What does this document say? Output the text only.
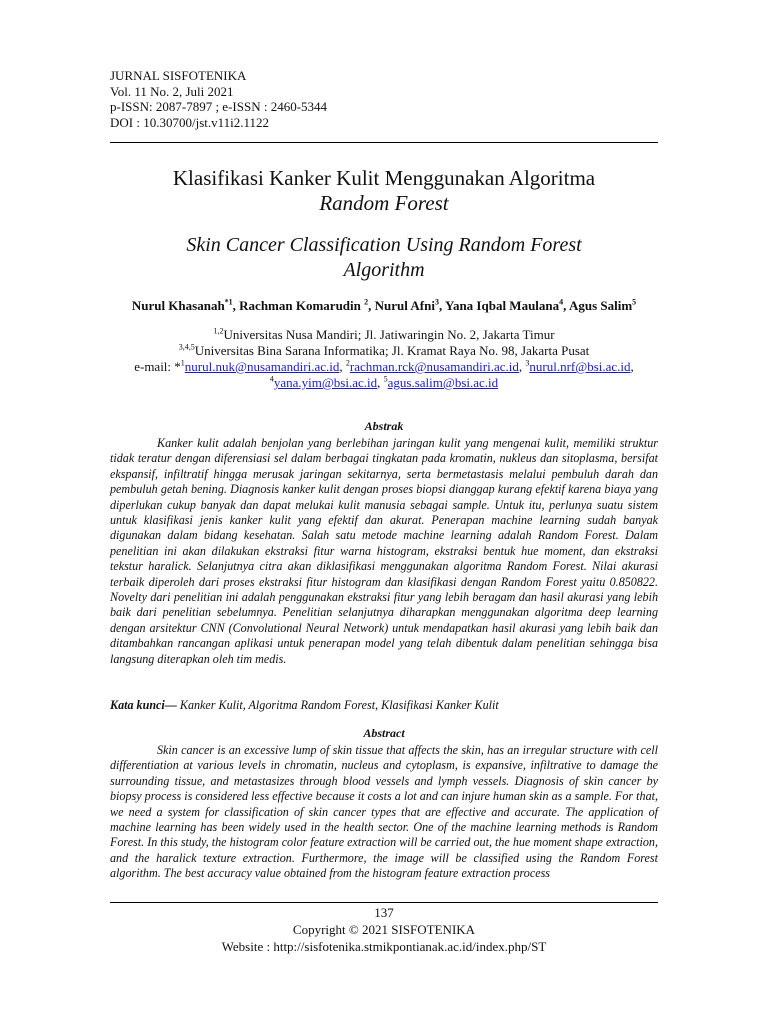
JURNAL SISFOTENIKA
Vol. 11 No. 2, Juli 2021
p-ISSN: 2087-7897 ; e-ISSN : 2460-5344
DOI : 10.30700/jst.v11i2.1122
Klasifikasi Kanker Kulit Menggunakan Algoritma
Random Forest
Skin Cancer Classification Using Random Forest
Algorithm
Nurul Khasanah$^{*1}$, Rachman Komarudin $^2$, Nurul Afni$^3$, Yana Iqbal Maulana$^4$, Agus Salim$^5$
$^{1,2}$Universitas Nusa Mandiri; Jl. Jatiwaringin No. 2, Jakarta Timur
$^{3,4,5}$Universitas Bina Sarana Informatika; Jl. Kramat Raya No. 98, Jakarta Pusat
e-mail: *$^1$nurul.nuk@nusamandiri.ac.id, $^2$rachman.rck@nusamandiri.ac.id, $^3$nurul.nrf@bsi.ac.id,
$^4$yana.yim@bsi.ac.id, $^5$agus.salim@bsi.ac.id
Abstrak
Kanker kulit adalah benjolan yang berlebihan jaringan kulit yang mengenai kulit, memiliki struktur tidak teratur dengan diferensiasi sel dalam berbagai tingkatan pada kromatin, nukleus dan sitoplasma, bersifat ekspansif, infiltratif hingga merusak jaringan sekitarnya, serta bermetastasis melalui pembuluh darah dan pembuluh getah bening. Diagnosis kanker kulit dengan proses biopsi dianggap kurang efektif karena biaya yang diperlukan cukup banyak dan dapat melukai kulit manusia sebagai sample. Untuk itu, perlunya suatu sistem untuk klasifikasi jenis kanker kulit yang efektif dan akurat. Penerapan machine learning sudah banyak digunakan dalam bidang kesehatan. Salah satu metode machine learning adalah Random Forest. Dalam penelitian ini akan dilakukan ekstraksi fitur warna histogram, ekstraksi bentuk hue moment, dan ekstraksi tekstur haralick. Selanjutnya citra akan diklasifikasi menggunakan algoritma Random Forest. Nilai akurasi terbaik diperoleh dari proses ekstraksi fitur histogram dan klasifikasi dengan Random Forest yaitu 0.850822. Novelty dari penelitian ini adalah penggunakan ekstraksi fitur yang lebih beragam dan hasil akurasi yang lebih baik dari penelitian sebelumnya. Penelitian selanjutnya diharapkan menggunakan algoritma deep learning dengan arsitektur CNN (Convolutional Neural Network) untuk mendapatkan hasil akurasi yang lebih baik dan ditambahkan rancangan aplikasi untuk penerapan model yang telah dibentuk dalam penelitian sehingga bisa langsung diterapkan oleh tim medis.
Kata kunci— Kanker Kulit, Algoritma Random Forest, Klasifikasi Kanker Kulit
Abstract
Skin cancer is an excessive lump of skin tissue that affects the skin, has an irregular structure with cell differentiation at various levels in chromatin, nucleus and cytoplasm, is expansive, infiltrative to damage the surrounding tissue, and metastasizes through blood vessels and lymph vessels. Diagnosis of skin cancer by biopsy process is considered less effective because it costs a lot and can injure human skin as a sample. For that, we need a system for classification of skin cancer types that are effective and accurate. The application of machine learning has been widely used in the health sector. One of the machine learning methods is Random Forest. In this study, the histogram color feature extraction will be carried out, the hue moment shape extraction, and the haralick texture extraction. Furthermore, the image will be classified using the Random Forest algorithm. The best accuracy value obtained from the histogram feature extraction process
137
Copyright © 2021 SISFOTENIKA
Website : http://sisfotenika.stmikpontianak.ac.id/index.php/ST
